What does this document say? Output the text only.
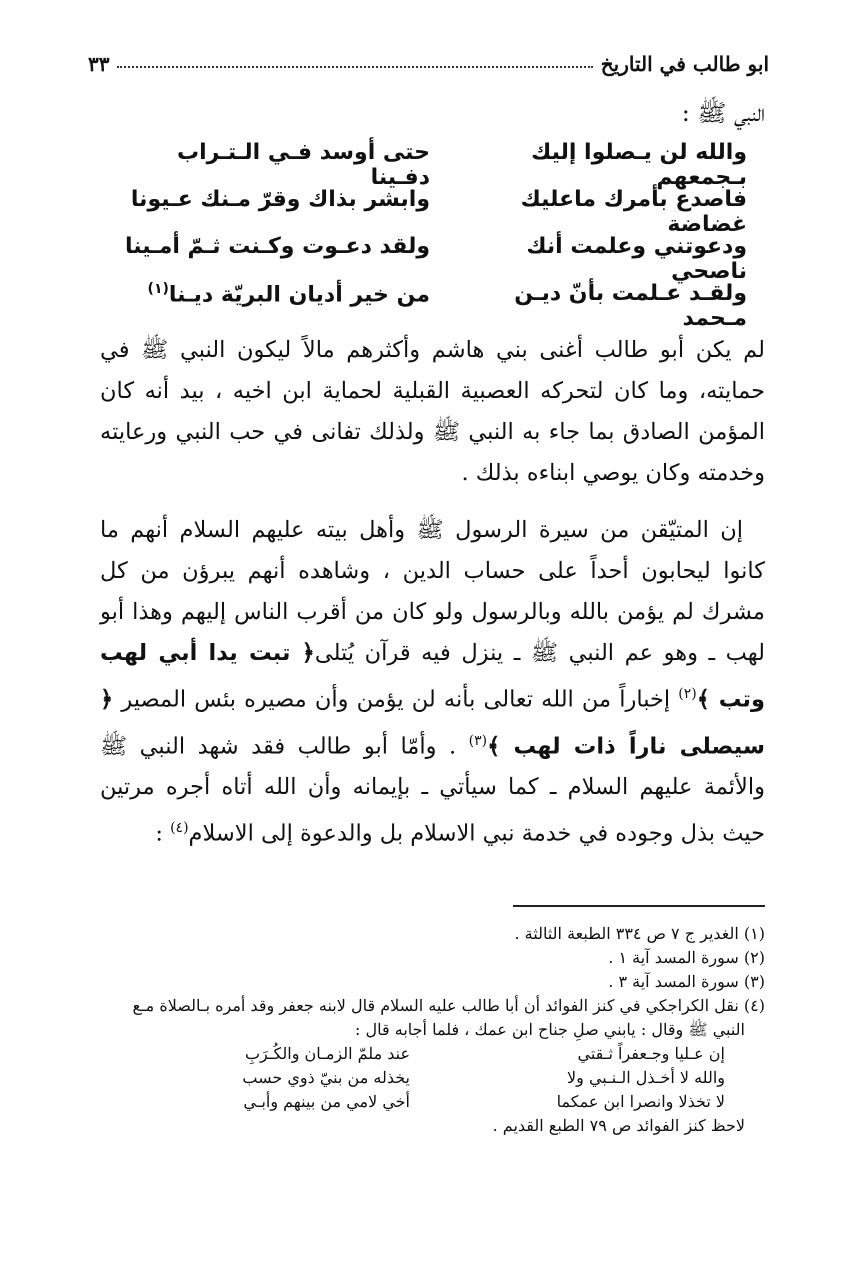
ابو طالب في التاريخ
٣٣
النبي ﷺ :
والله لن يـصلوا إليك بـجمعهم
حتى أوسد فـي الـتـراب دفـينا
فاصدع بأمرك ماعليك غضاضة
وابشر بذاك وقرّ مـنك عـيونا
ودعوتني وعلمت أنك ناصحي
ولقد دعـوت وكـنت ثـمّ أمـينا
ولقـد عـلمت بأنّ ديـن مـحمد
من خير أديان البريّة ديـنا$^{(١)}$

لم يكن أبو طالب أغنى بني هاشم وأكثرهم مالاً ليكون النبي ﷺ في حمايته، وما كان لتحركه العصبية القبلية لحماية ابن اخيه ، بيد أنه كان المؤمن الصادق بما جاء به النبي ﷺ ولذلك تفانى في حب النبي ورعايته وخدمته وكان يوصي ابناءه بذلك .

إن المتيّقن من سيرة الرسول ﷺ وأهل بيته عليهم السلام أنهم ما كانوا ليحابون أحداً على حساب الدين ، وشاهده أنهم يبرؤن من كل مشرك لم يؤمن بالله وبالرسول ولو كان من أقرب الناس إليهم وهذا أبو لهب ـ وهو عم النبي ﷺ ـ ينزل فيه قرآن يُتلى﴿ تبت يدا أبي لهب وتب ﴾$^{(٢)}$ إخباراً من الله تعالى بأنه لن يؤمن وأن مصيره بئس المصير ﴿ سيصلى ناراً ذات لهب ﴾$^{(٣)}$ . وأمّا أبو طالب فقد شهد النبي ﷺ والأئمة عليهم السلام ـ كما سيأتي ـ بإيمانه وأن الله أتاه أجره مرتين حيث بذل وجوده في خدمة نبي الاسلام بل والدعوة إلى الاسلام$^{(٤)}$ :

(١) الغدير ج ٧ ص ٣٣٤ الطبعة الثالثة .

(٢) سورة المسد آية ١ .

(٣) سورة المسد آية ٣ .

(٤) نقل الكراجكي في كنز الفوائد أن أبا طالب عليه السلام قال لابنه جعفر وقد أمره بـالصلاة مـع

النبي ﷺ وقال : يابني صلِ جناح ابن عمك ، فلما أجابه قال :

إن عـليا وجـعفراً ثـقتي
عند ملمّ الزمـان والكُـرَبِ
والله لا أخـذل الـنـبي ولا
يخذله من بنيّ ذوي حسب
لا تخذلا وانصرا ابن عمكما
أخي لامي من بينهم وأبـي

لاحظ كنز الفوائد ص ٧٩ الطبع القديم .
